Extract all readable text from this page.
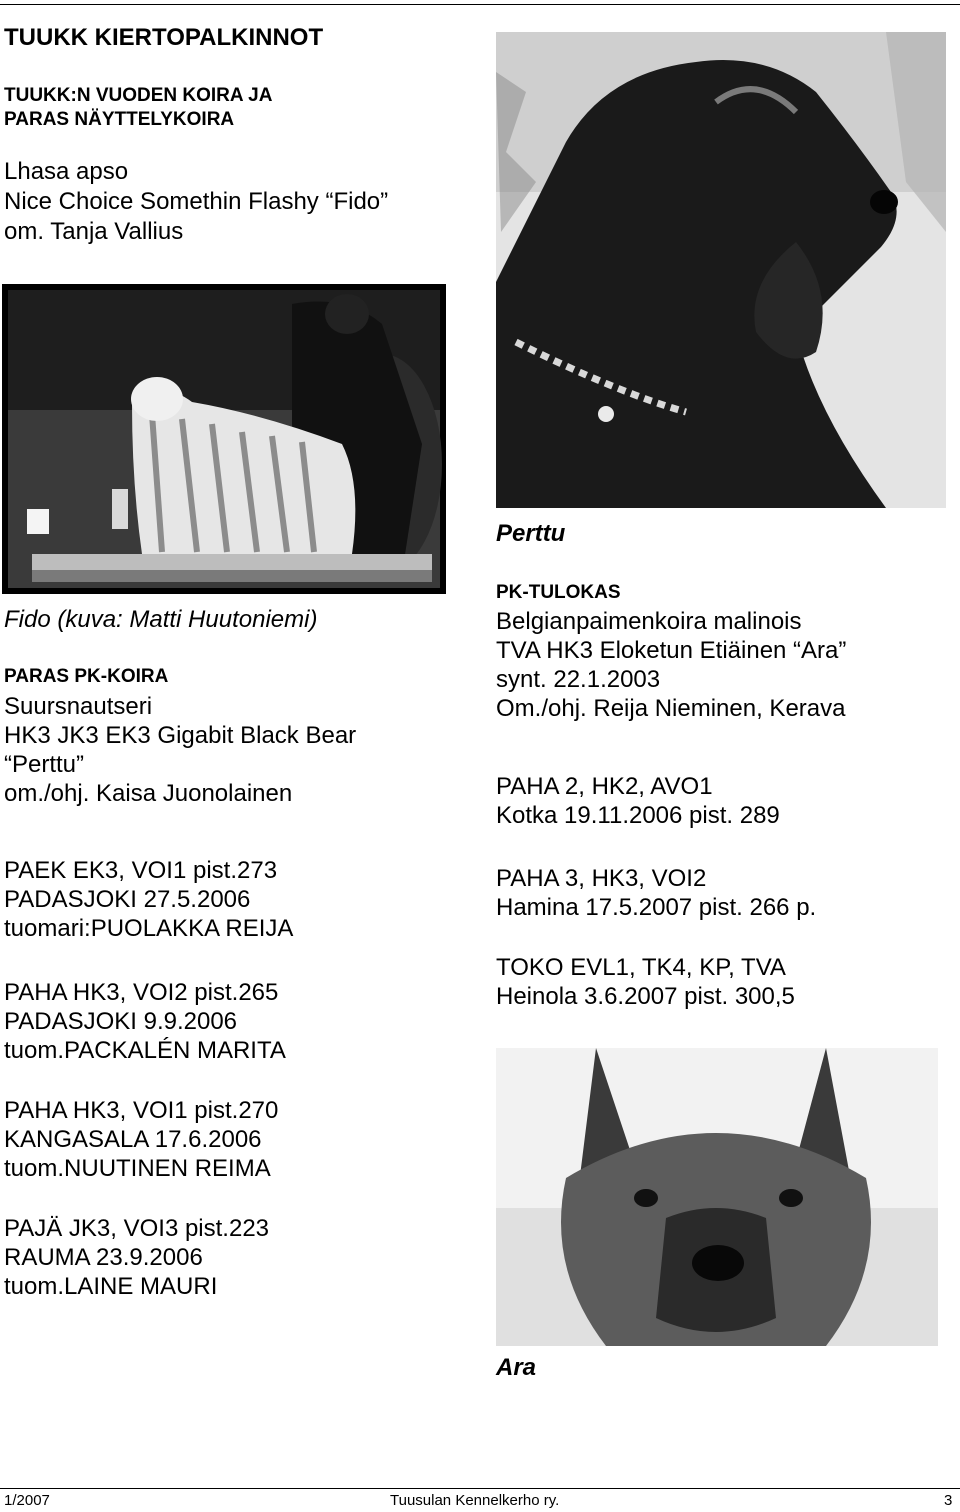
TUUKK KIERTOPALKINNOT
TUUKK:N VUODEN KOIRA JA
PARAS NÄYTTELYKOIRA
Lhasa apso
Nice Choice Somethin Flashy “Fido”
om. Tanja Vallius
Fido (kuva: Matti Huutoniemi)
PARAS PK-KOIRA
Suursnautseri
HK3 JK3 EK3 Gigabit Black Bear
“Perttu”
om./ohj. Kaisa Juonolainen
PAEK EK3, VOI1 pist.273
PADASJOKI 27.5.2006
tuomari:PUOLAKKA REIJA
PAHA HK3, VOI2 pist.265
PADASJOKI 9.9.2006
tuom.PACKALÉN MARITA
PAHA HK3, VOI1 pist.270
KANGASALA 17.6.2006
tuom.NUUTINEN REIMA
PAJÄ JK3, VOI3 pist.223
RAUMA 23.9.2006
tuom.LAINE MAURI
Perttu
PK-TULOKAS
Belgianpaimenkoira malinois
TVA HK3 Eloketun Etiäinen “Ara”
synt. 22.1.2003
Om./ohj. Reija Nieminen, Kerava
PAHA 2, HK2, AVO1
Kotka 19.11.2006 pist. 289
PAHA 3, HK3, VOI2
Hamina 17.5.2007 pist. 266 p.
TOKO EVL1, TK4, KP, TVA
Heinola 3.6.2007 pist. 300,5
Ara
1/2007	Tuusulan Kennelkerho ry.	3
